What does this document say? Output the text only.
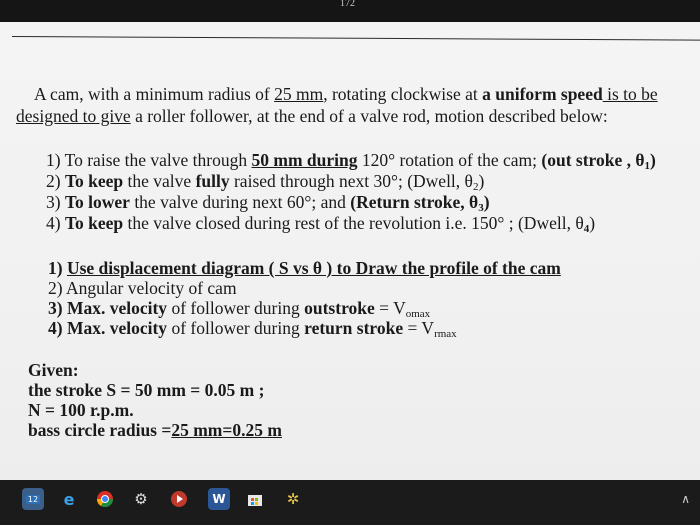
172
A cam, with a minimum radius of 25 mm, rotating clockwise at a uniform speed is to be
designed to give a roller follower, at the end of a valve rod, motion described below:
1) To raise the valve through 50 mm during 120° rotation of the cam; (out stroke , $\theta_1$)
2) To keep the valve fully raised through next 30°; (Dwell, $\theta_2$)
3) To lower the valve during next 60°; and (Return stroke, $\theta_3$)
4) To keep the valve closed during rest of the revolution i.e. 150° ; (Dwell, $\theta_4$)
1) Use displacement diagram ( S vs θ ) to Draw the profile of the cam
2) Angular velocity of cam
3) Max. velocity of follower during outstroke = $V_{omax}$
4) Max. velocity of follower during return stroke = $V_{rmax}$
Given:
the stroke S = 50 mm = 0.05 m ;
N = 100 r.p.m.
bass circle radius =25 mm=0.25 m
12	e	⚙	W	✲	∧
